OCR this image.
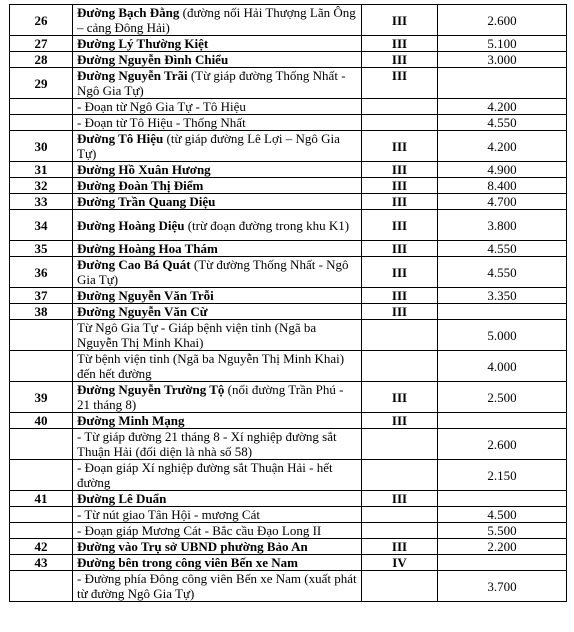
26	Đường Bạch Đằng (đường nối Hải Thượng Lãn Ông – cảng Đông Hải)	III	2.600
27	Đường Lý Thường Kiệt	III	5.100
28	Đường Nguyễn Đình Chiểu	III	3.000
29	Đường Nguyễn Trãi (Từ giáp đường Thống Nhất - Ngô Gia Tự)	III	
	- Đoạn từ Ngô Gia Tự - Tô Hiệu		4.200
	- Đoạn từ Tô Hiệu - Thống Nhất		4.550
30	Đường Tô Hiệu (từ giáp đường Lê Lợi – Ngô Gia Tự)	III	4.200
31	Đường Hồ Xuân Hương	III	4.900
32	Đường Đoàn Thị Điểm	III	8.400
33	Đường Trần Quang Diệu	III	4.700
34	Đường Hoàng Diệu (trừ đoạn đường trong khu K1)	III	3.800
35	Đường Hoàng Hoa Thám	III	4.550
36	Đường Cao Bá Quát (Từ đường Thống Nhất - Ngô Gia Tự)	III	4.550
37	Đường Nguyễn Văn Trỗi	III	3.350
38	Đường Nguyễn Văn Cừ	III	
	Từ Ngô Gia Tự - Giáp bệnh viện tỉnh (Ngã ba Nguyễn Thị Minh Khai)		5.000
	Từ bệnh viện tỉnh (Ngã ba Nguyễn Thị Minh Khai) đến hết đường		4.000
39	Đường Nguyễn Trường Tộ (nối đường Trần Phú - 21 tháng 8)	III	2.500
40	Đường Minh Mạng	III	
	- Từ giáp đường 21 tháng 8 - Xí nghiệp đường sắt Thuận Hải (đối diện là nhà số 58)		2.600
	- Đoạn giáp Xí nghiệp đường sắt Thuận Hải - hết đường		2.150
41	Đường Lê Duẩn	III	
	- Từ nút giao Tân Hội - mương Cát		4.500
	- Đoạn giáp Mương Cát - Bắc cầu Đạo Long II		5.500
42	Đường vào Trụ sở UBND phường Bảo An	III	2.200
43	Đường bên trong công viên Bến xe Nam	IV	
	- Đường phía Đông công viên Bến xe Nam (xuất phát từ đường Ngô Gia Tự)		3.700
